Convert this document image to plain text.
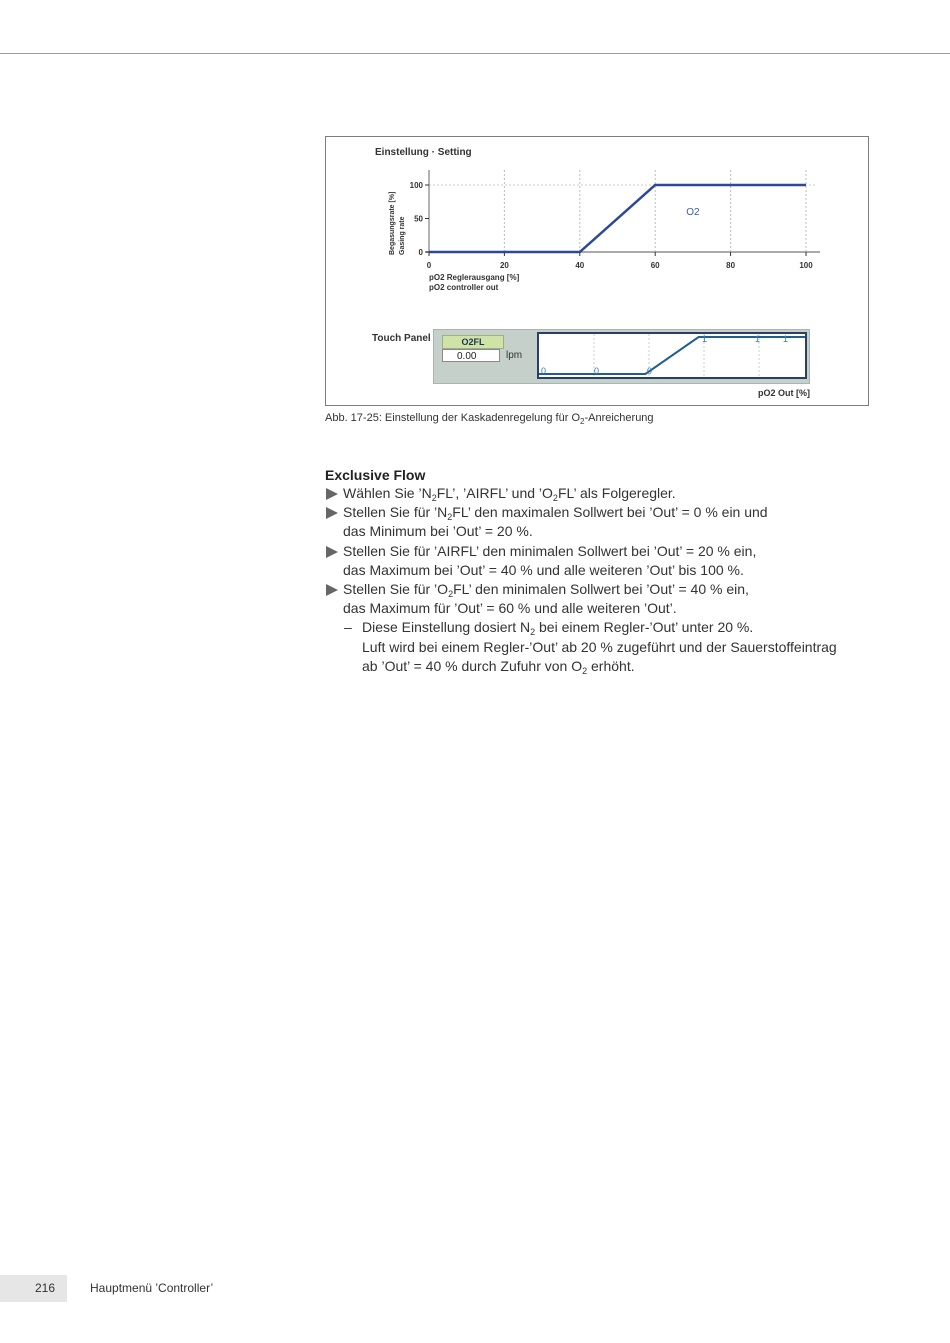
Einstellung · Setting
0
50
100
0	20	40	60	80	100
pO2 Reglerausgang [%]
pO2 controller out
O2
Begasungsrate [%] Gasing rate
Touch Panel	O2FL
0.00	lpm
0	0	0
1	1	1
pO2 Out [%]
Abb. 17-25: Einstellung der Kaskadenregelung für $O_2$-Anreicherung
Exclusive Flow
Wählen Sie $’N_2FL$’, ’AIRFL’ und $’O_2FL$’ als Folgeregler.
Stellen Sie für $’N_2FL$’ den maximalen Sollwert bei ’Out’ = 0 % ein und
das Minimum bei ’Out’ = 20 %.
Stellen Sie für ’AIRFL’ den minimalen Sollwert bei ’Out’ = 20 % ein,
das Maximum bei ’Out’ = 40 % und alle weiteren ’Out’ bis 100 %.
Stellen Sie für $’O_2FL$’ den minimalen Sollwert bei ’Out’ = 40 % ein,
das Maximum für ’Out’ = 60 % und alle weiteren ’Out’.
– Diese Einstellung dosiert $N_2$ bei einem Regler-’Out’ unter 20 %.
Luft wird bei einem Regler-’Out’ ab 20 % zugeführt und der Sauerstoffeintrag
ab ’Out’ = 40 % durch Zufuhr von $O_2$ erhöht.
216	Hauptmenü ’Controller’
